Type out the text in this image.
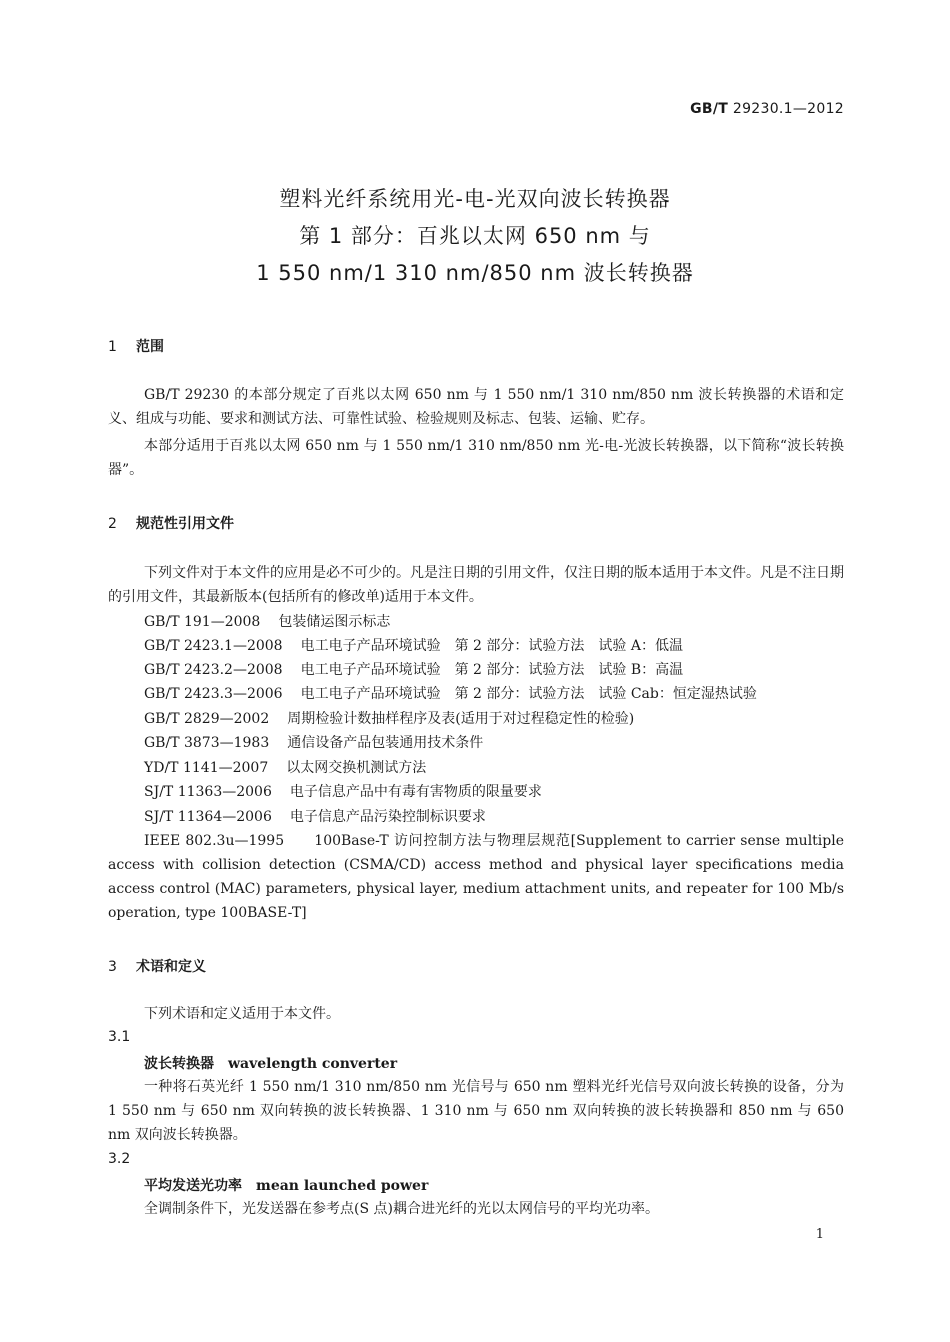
GB/T 29230.1—2012
塑料光纤系统用光-电-光双向波长转换器
第 1 部分：百兆以太网 650 nm 与
1 550 nm/1 310 nm/850 nm 波长转换器
1 范围
GB/T 29230 的本部分规定了百兆以太网 650 nm 与 1 550 nm/1 310 nm/850 nm 波长转换器的术语和定义、组成与功能、要求和测试方法、可靠性试验、检验规则及标志、包装、运输、贮存。
本部分适用于百兆以太网 650 nm 与 1 550 nm/1 310 nm/850 nm 光-电-光波长转换器，以下简称“波长转换器”。
2 规范性引用文件
下列文件对于本文件的应用是必不可少的。凡是注日期的引用文件，仅注日期的版本适用于本文件。凡是不注日期的引用文件，其最新版本(包括所有的修改单)适用于本文件。
GB/T 191—2008 包装储运图示标志
GB/T 2423.1—2008 电工电子产品环境试验　第 2 部分：试验方法　试验 A：低温
GB/T 2423.2—2008 电工电子产品环境试验　第 2 部分：试验方法　试验 B：高温
GB/T 2423.3—2006 电工电子产品环境试验　第 2 部分：试验方法　试验 Cab：恒定湿热试验
GB/T 2829—2002 周期检验计数抽样程序及表(适用于对过程稳定性的检验)
GB/T 3873—1983 通信设备产品包装通用技术条件
YD/T 1141—2007 以太网交换机测试方法
SJ/T 11363—2006 电子信息产品中有毒有害物质的限量要求
SJ/T 11364—2006 电子信息产品污染控制标识要求
IEEE 802.3u—1995　　100Base-T 访问控制方法与物理层规范[Supplement to carrier sense multiple access with collision detection (CSMA/CD) access method and physical layer specifications media access control (MAC) parameters, physical layer, medium attachment units, and repeater for 100 Mb/s operation, type 100BASE-T]
3 术语和定义
下列术语和定义适用于本文件。
3.1
波长转换器 wavelength converter
一种将石英光纤 1 550 nm/1 310 nm/850 nm 光信号与 650 nm 塑料光纤光信号双向波长转换的设备，分为 1 550 nm 与 650 nm 双向转换的波长转换器、1 310 nm 与 650 nm 双向转换的波长转换器和 850 nm 与 650 nm 双向波长转换器。
3.2
平均发送光功率 mean launched power
全调制条件下，光发送器在参考点(S 点)耦合进光纤的光以太网信号的平均光功率。
1
